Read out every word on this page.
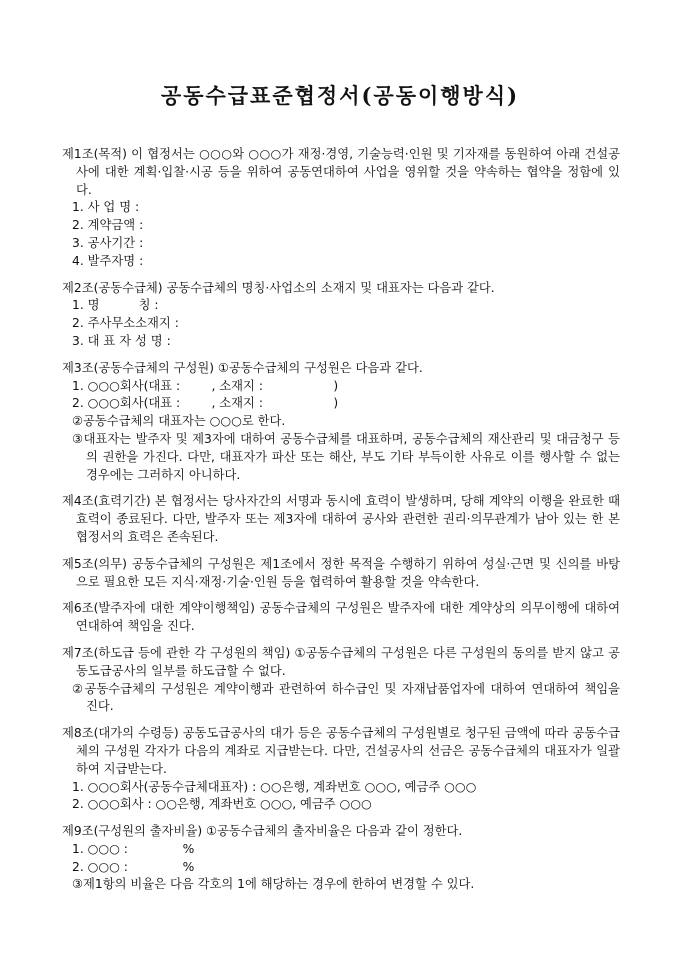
공동수급표준협정서(공동이행방식)
제1조(목적) 이 협정서는 ○○○와 ○○○가 재정·경영, 기술능력·인원 및 기자재를 동원하여 아래 건설공사에 대한 계획·입찰·시공 등을 위하여 공동연대하여 사업을 영위할 것을 약속하는 협약을 정함에 있다.
1. 사 업 명 :
2. 계약금액 :
3. 공사기간 :
4. 발주자명 :
제2조(공동수급체) 공동수급체의 명칭·사업소의 소재지 및 대표자는 다음과 같다.
1. 명          칭 :
2. 주사무소소재지 :
3. 대 표 자 성 명 :
제3조(공동수급체의 구성원) ①공동수급체의 구성원은 다음과 같다.
1. ○○○회사(대표 :        , 소재지 :                  )
2. ○○○회사(대표 :        , 소재지 :                  )
②공동수급체의 대표자는 ○○○로 한다.
③대표자는 발주자 및 제3자에 대하여 공동수급체를 대표하며, 공동수급체의 재산관리 및 대금청구 등의 권한을 가진다. 다만, 대표자가 파산 또는 해산, 부도 기타 부득이한 사유로 이를 행사할 수 없는 경우에는 그러하지 아니하다.
제4조(효력기간) 본 협정서는 당사자간의 서명과 동시에 효력이 발생하며, 당해 계약의 이행을 완료한 때 효력이 종료된다. 다만, 발주자 또는 제3자에 대하여 공사와 관련한 권리·의무관계가 남아 있는 한 본 협정서의 효력은 존속된다.
제5조(의무) 공동수급체의 구성원은 제1조에서 정한 목적을 수행하기 위하여 성실·근면 및 신의를 바탕으로 필요한 모든 지식·재정·기술·인원 등을 협력하여 활용할 것을 약속한다.
제6조(발주자에 대한 계약이행책임) 공동수급체의 구성원은 발주자에 대한 계약상의 의무이행에 대하여 연대하여 책임을 진다.
제7조(하도급 등에 관한 각 구성원의 책임) ①공동수급체의 구성원은 다른 구성원의 동의를 받지 않고 공동도급공사의 일부를 하도급할 수 없다.
②공동수급체의 구성원은 계약이행과 관련하여 하수급인 및 자재납품업자에 대하여 연대하여 책임을 진다.
제8조(대가의 수령등) 공동도급공사의 대가 등은 공동수급체의 구성원별로 청구된 금액에 따라 공동수급체의 구성원 각자가 다음의 계좌로 지급받는다. 다만, 건설공사의 선금은 공동수급체의 대표자가 일괄하여 지급받는다.
1. ○○○회사(공동수급체대표자) : ○○은행, 계좌번호 ○○○, 예금주 ○○○
2. ○○○회사 : ○○은행, 계좌번호 ○○○, 예금주 ○○○
제9조(구성원의 출자비율) ①공동수급체의 출자비율은 다음과 같이 정한다.
1. ○○○ :              %
2. ○○○ :              %
③제1항의 비율은 다음 각호의 1에 해당하는 경우에 한하여 변경할 수 있다.
